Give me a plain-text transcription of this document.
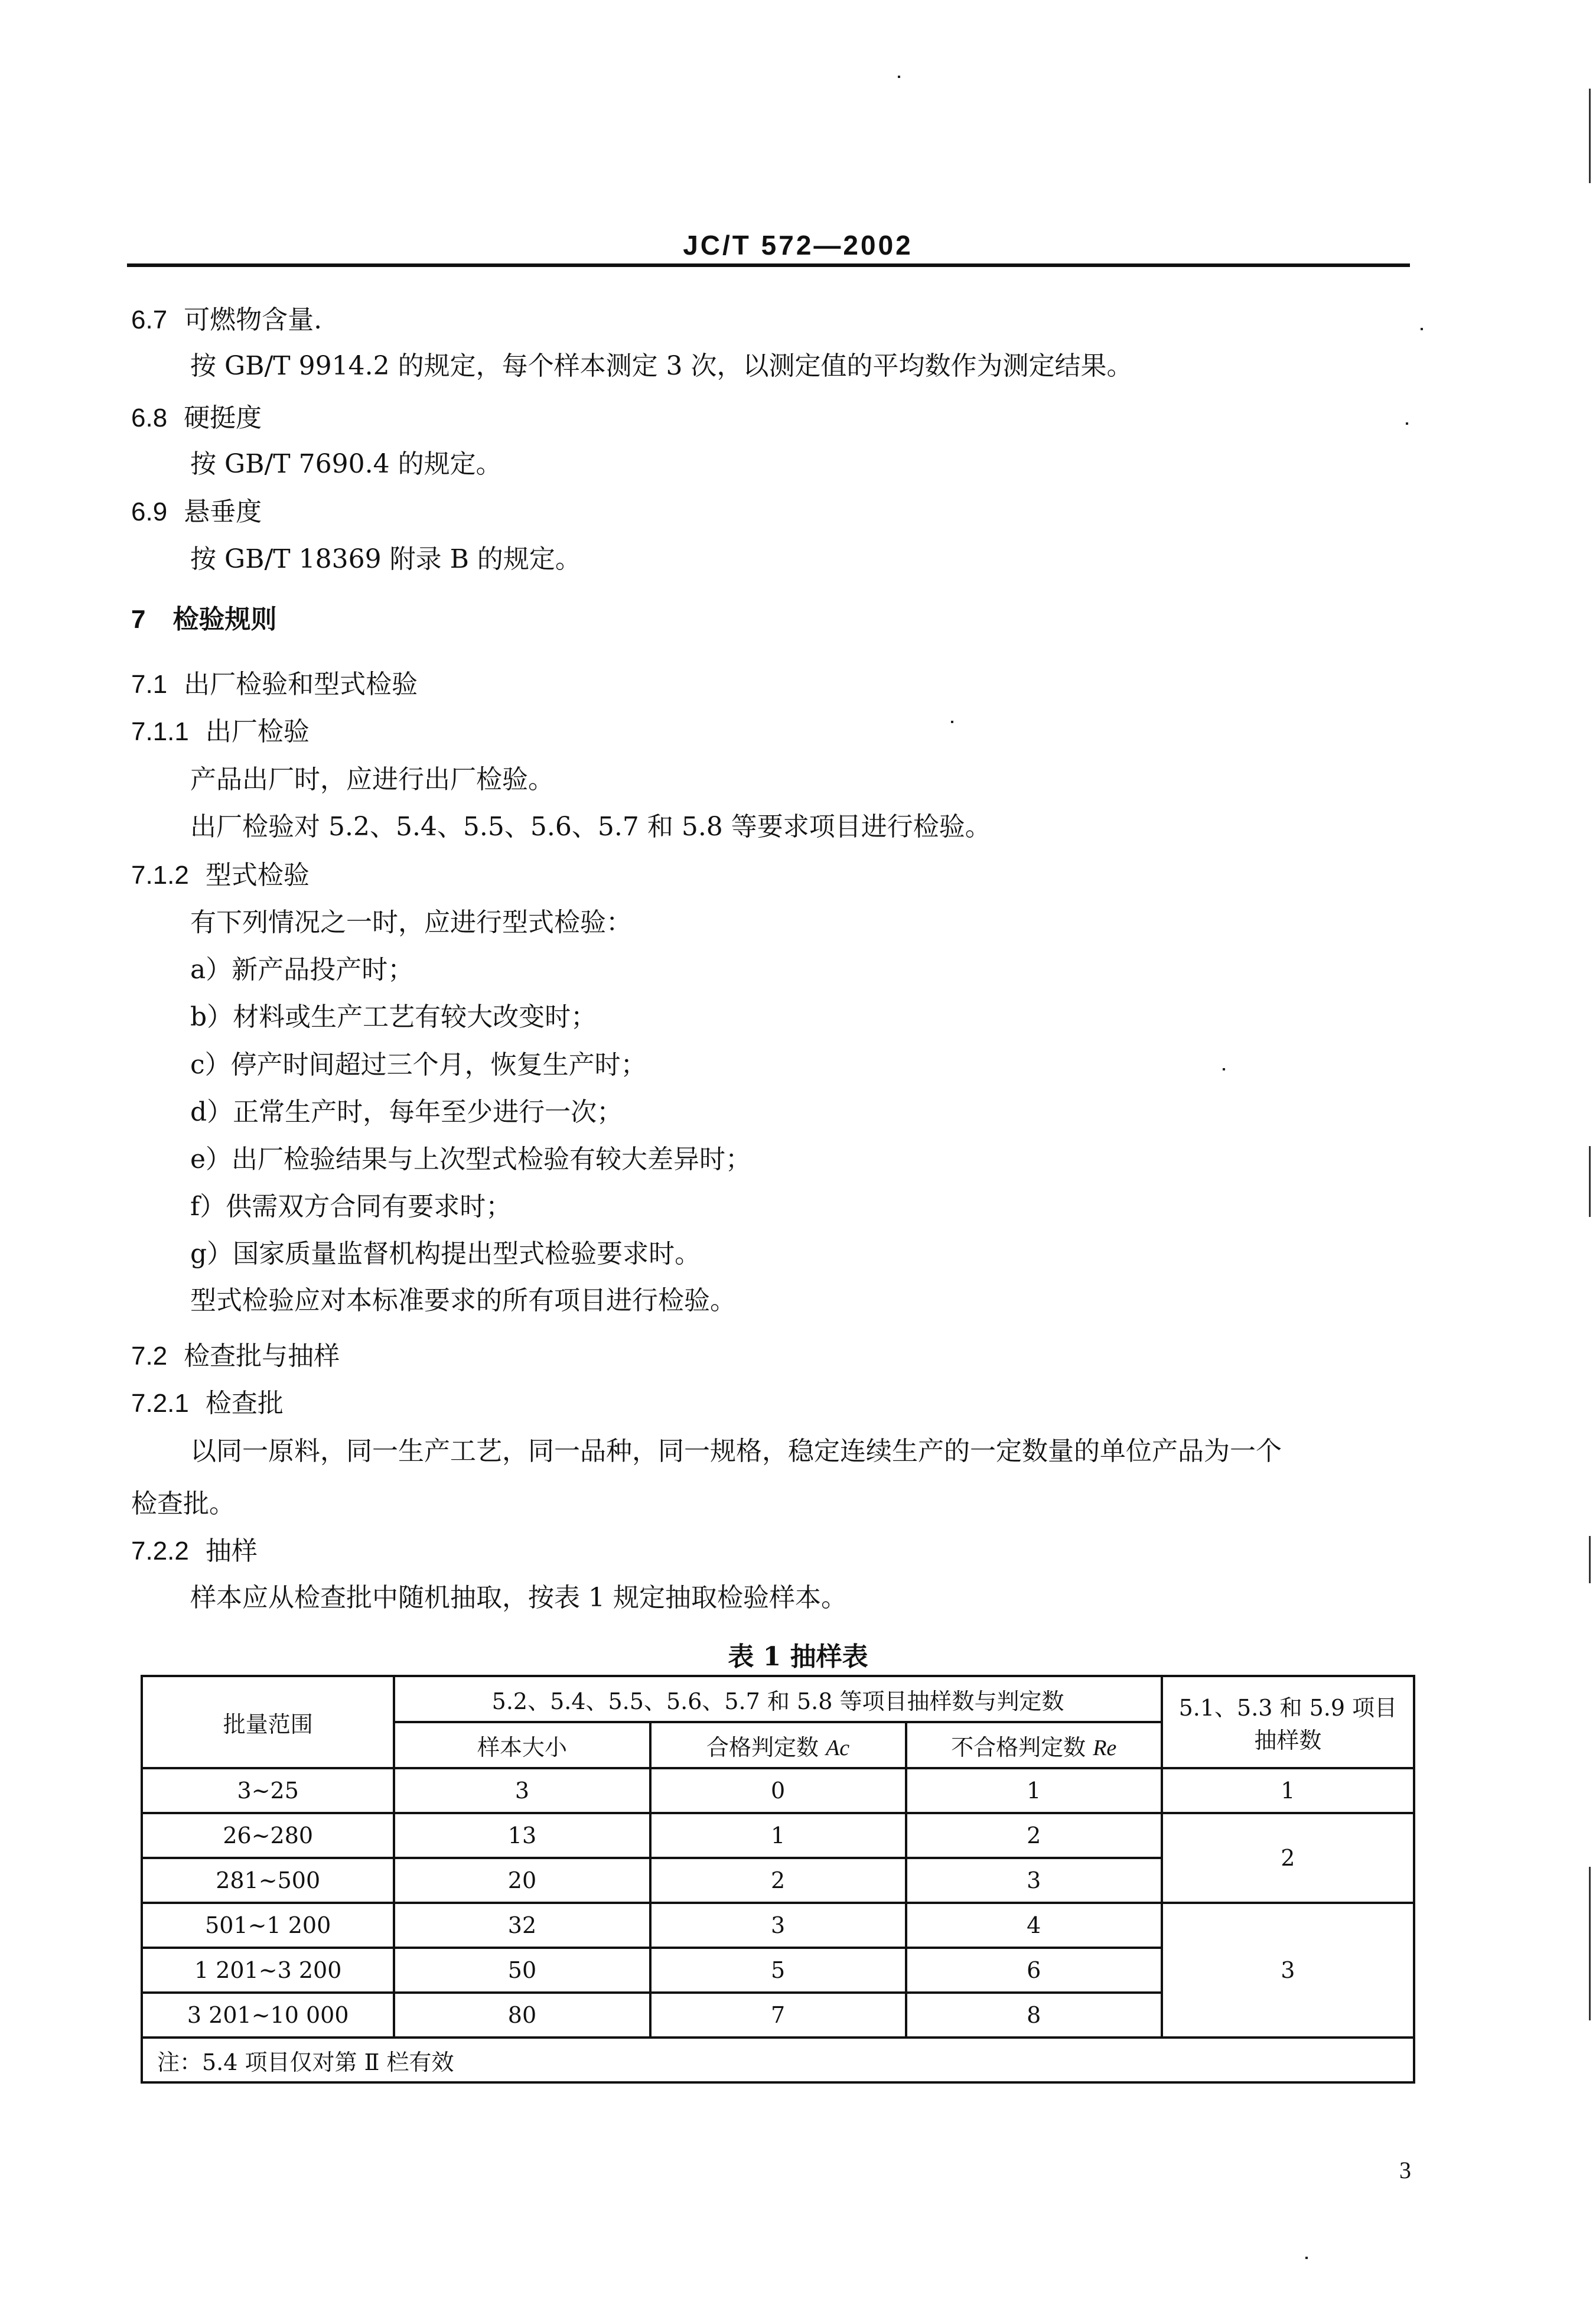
JC/T 572—2002
6.7 可燃物含量.
按 GB/T 9914.2 的规定，每个样本测定 3 次，以测定值的平均数作为测定结果。
6.8 硬挺度
按 GB/T 7690.4 的规定。
6.9 悬垂度
按 GB/T 18369 附录 B 的规定。
7 检验规则
7.1 出厂检验和型式检验
7.1.1 出厂检验
产品出厂时，应进行出厂检验。
出厂检验对 5.2、5.4、5.5、5.6、5.7 和 5.8 等要求项目进行检验。
7.1.2 型式检验
有下列情况之一时，应进行型式检验：
a）新产品投产时；
b）材料或生产工艺有较大改变时；
c）停产时间超过三个月，恢复生产时；
d）正常生产时，每年至少进行一次；
e）出厂检验结果与上次型式检验有较大差异时；
f）供需双方合同有要求时；
g）国家质量监督机构提出型式检验要求时。
型式检验应对本标准要求的所有项目进行检验。
7.2 检查批与抽样
7.2.1 检查批
以同一原料，同一生产工艺，同一品种，同一规格，稳定连续生产的一定数量的单位产品为一个
检查批。
7.2.2 抽样
样本应从检查批中随机抽取，按表 1 规定抽取检验样本。
表 1 抽样表
批量范围	5.2、5.4、5.5、5.6、5.7 和 5.8 等项目抽样数与判定数			5.1、5.3 和 5.9 项目
抽样数
	样本大小	合格判定数 Ac	不合格判定数 Re	
3~25	3	0	1	1
26~280	13	1	2	2
281~500	20	2	3	
501~1 200	32	3	4	3
1 201~3 200	50	5	6	
3 201~10 000	80	7	8	
注：5.4 项目仅对第 Ⅱ 栏有效				
3
